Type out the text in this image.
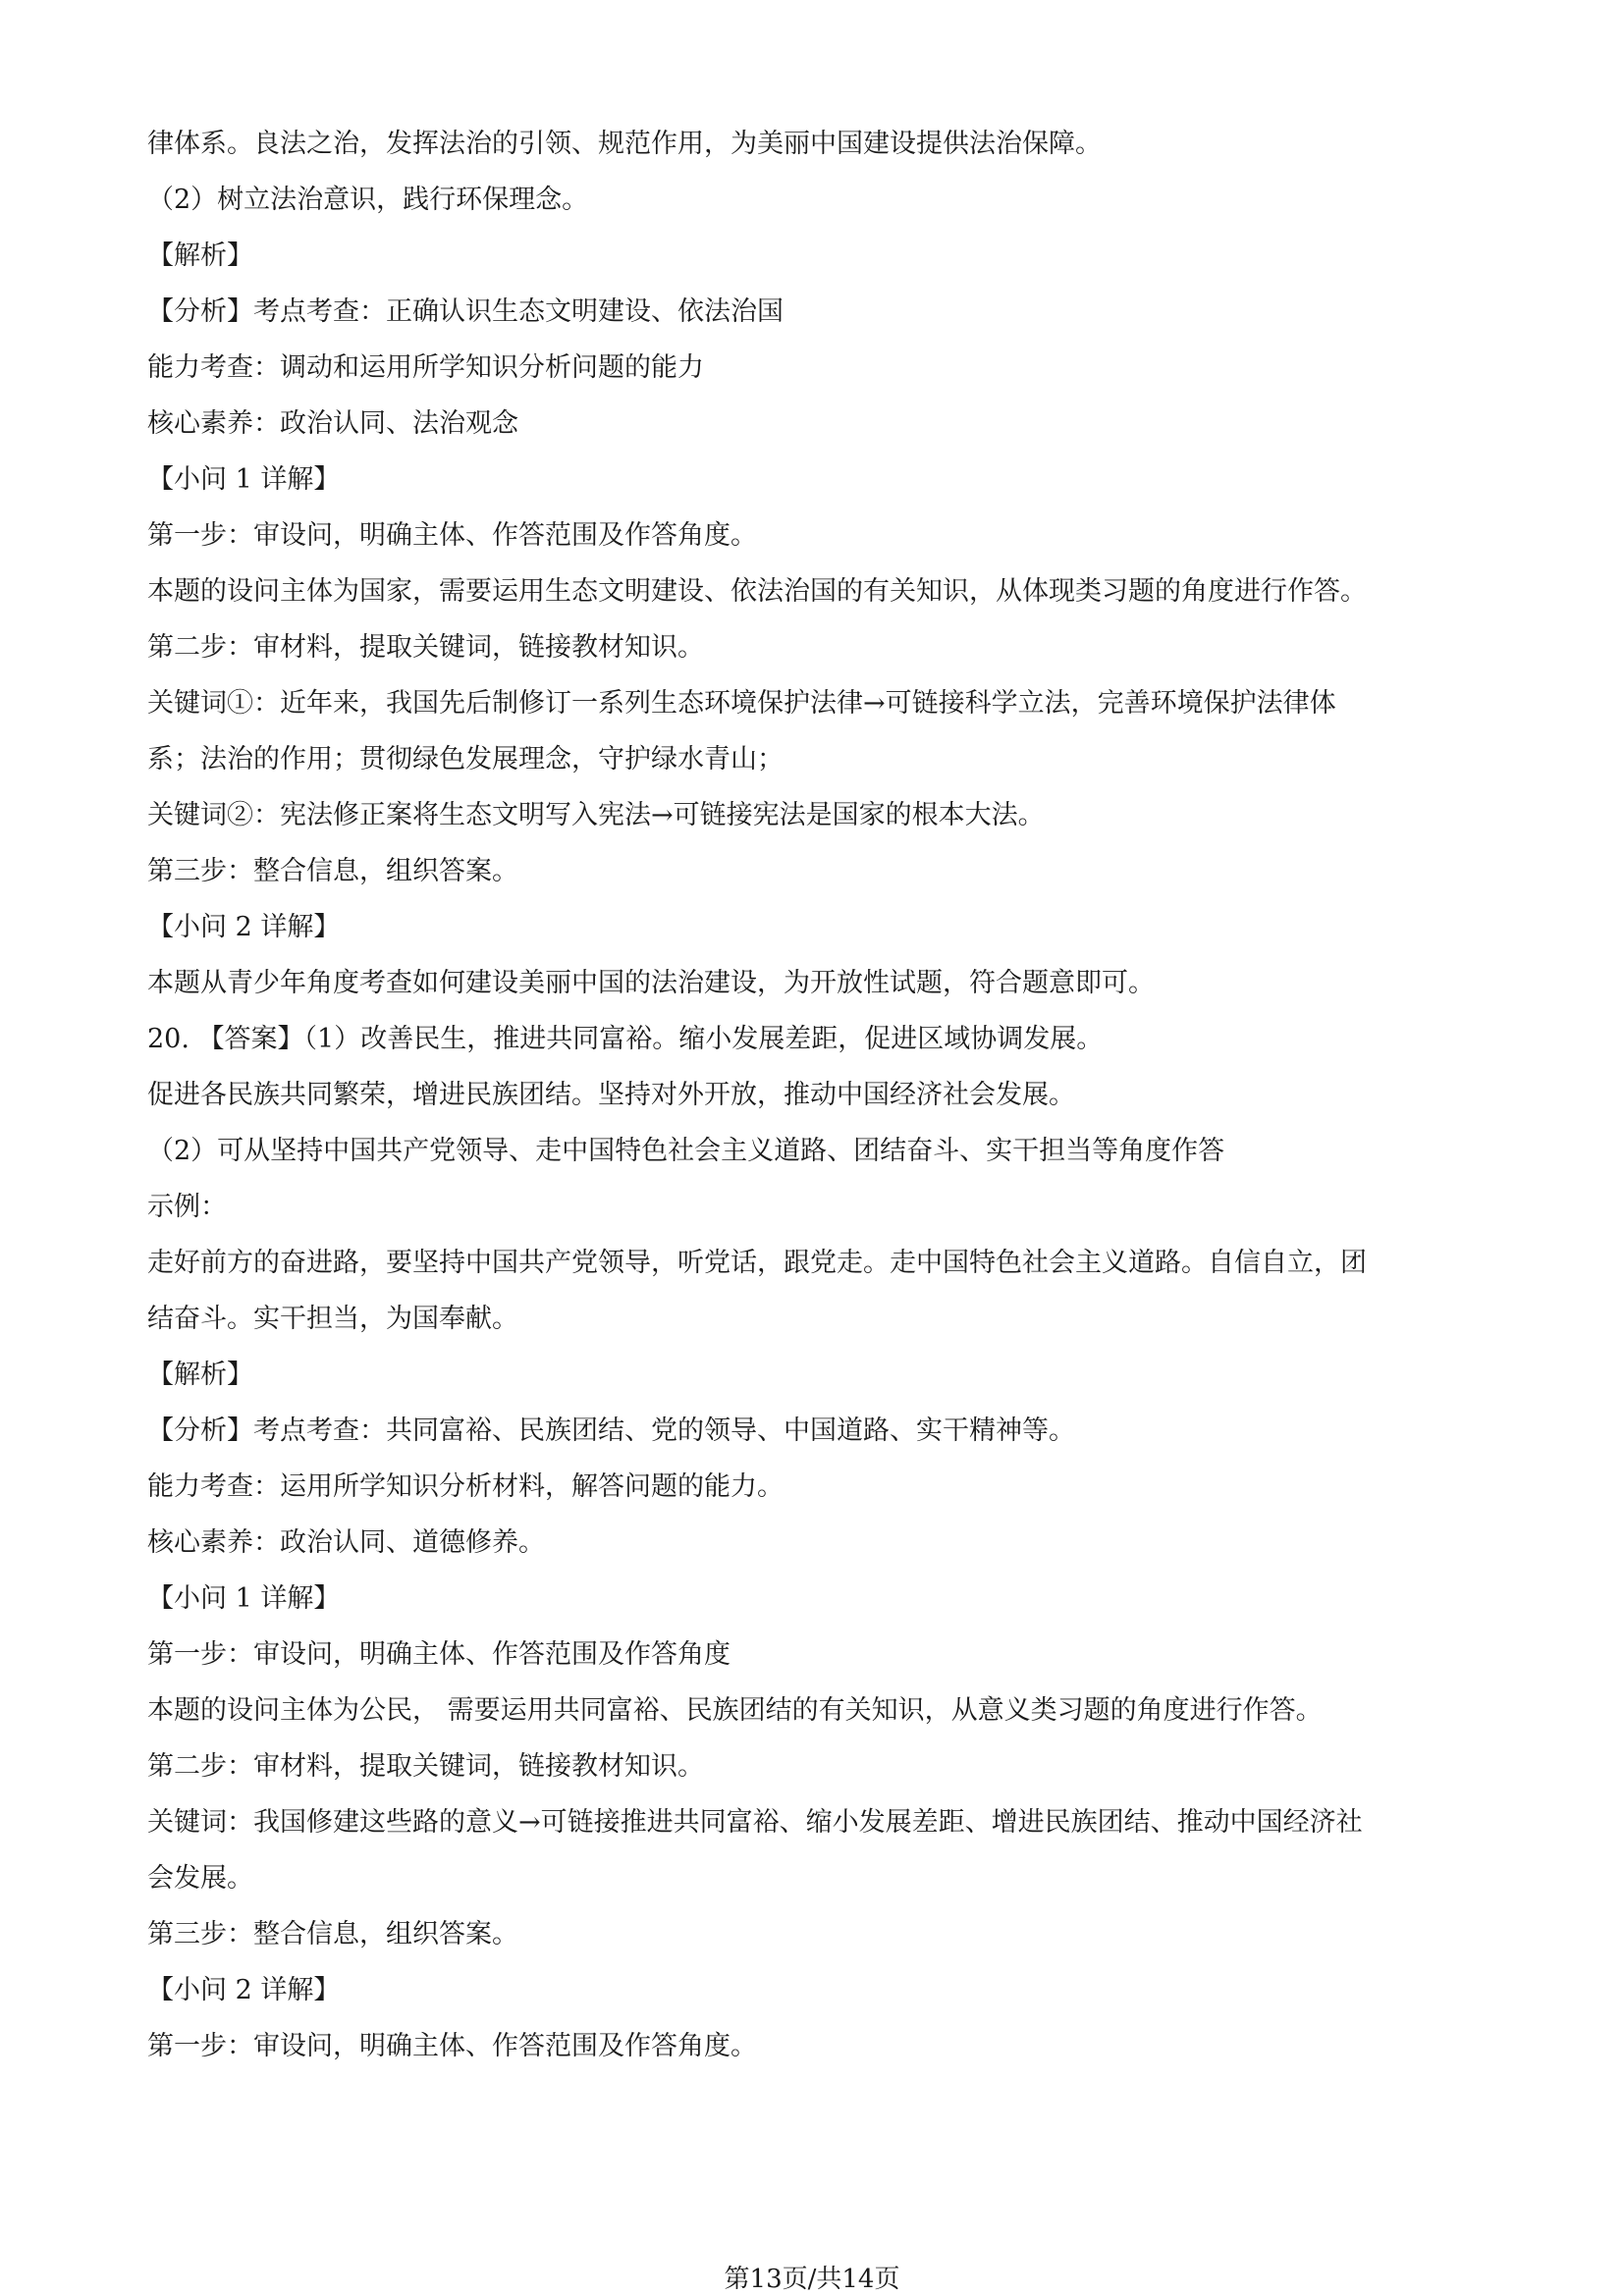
律体系。良法之治，发挥法治的引领、规范作用，为美丽中国建设提供法治保障。
（2）树立法治意识，践行环保理念。
【解析】
【分析】考点考查：正确认识生态文明建设、依法治国
能力考查：调动和运用所学知识分析问题的能力
核心素养：政治认同、法治观念
【小问 1 详解】
第一步：审设问，明确主体、作答范围及作答角度。
本题的设问主体为国家，需要运用生态文明建设、依法治国的有关知识，从体现类习题的角度进行作答。
第二步：审材料，提取关键词，链接教材知识。
关键词①：近年来，我国先后制修订一系列生态环境保护法律→可链接科学立法，完善环境保护法律体
系；法治的作用；贯彻绿色发展理念，守护绿水青山；
关键词②：宪法修正案将生态文明写入宪法→可链接宪法是国家的根本大法。
第三步：整合信息，组织答案。
【小问 2 详解】
本题从青少年角度考查如何建设美丽中国的法治建设，为开放性试题，符合题意即可。
20. 【答案】（1）改善民生，推进共同富裕。缩小发展差距，促进区域协调发展。
促进各民族共同繁荣，增进民族团结。坚持对外开放，推动中国经济社会发展。
（2）可从坚持中国共产党领导、走中国特色社会主义道路、团结奋斗、实干担当等角度作答
示例：
走好前方的奋进路，要坚持中国共产党领导，听党话，跟党走。走中国特色社会主义道路。自信自立，团
结奋斗。实干担当，为国奉献。
【解析】
【分析】考点考查：共同富裕、民族团结、党的领导、中国道路、实干精神等。
能力考查：运用所学知识分析材料，解答问题的能力。
核心素养：政治认同、道德修养。
【小问 1 详解】
第一步：审设问，明确主体、作答范围及作答角度
本题的设问主体为公民， 需要运用共同富裕、民族团结的有关知识，从意义类习题的角度进行作答。
第二步：审材料，提取关键词，链接教材知识。
关键词：我国修建这些路的意义→可链接推进共同富裕、缩小发展差距、增进民族团结、推动中国经济社
会发展。
第三步：整合信息，组织答案。
【小问 2 详解】
第一步：审设问，明确主体、作答范围及作答角度。
第13页/共14页
